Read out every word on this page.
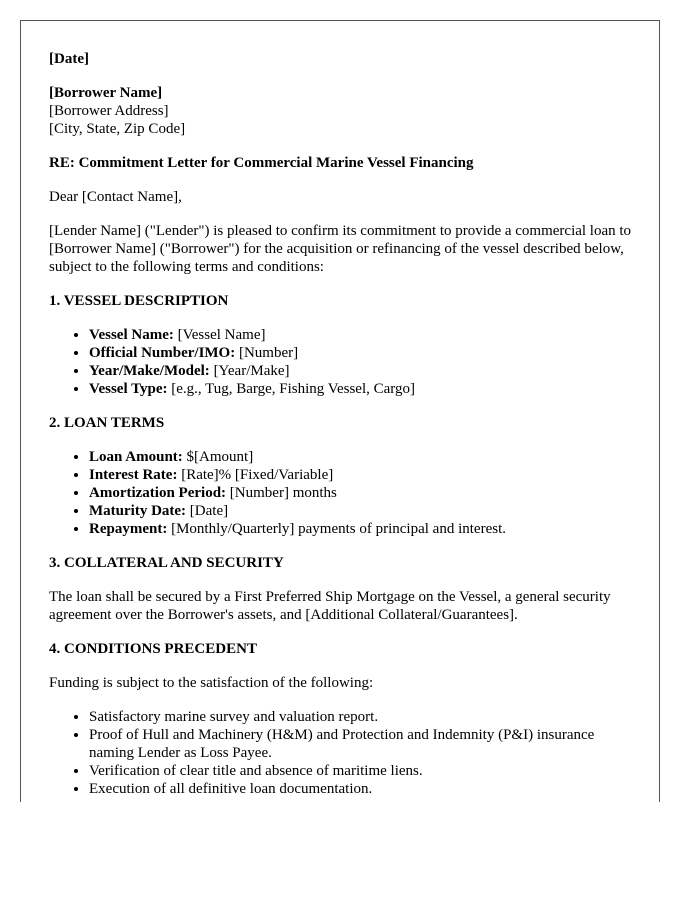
[Date]

[Borrower Name]

[Borrower Address]

[City, State, Zip Code]

RE: Commitment Letter for Commercial Marine Vessel Financing

Dear [Contact Name],

[Lender Name] ("Lender") is pleased to confirm its commitment to provide a commercial loan to [Borrower Name] ("Borrower") for the acquisition or refinancing of the vessel described below, subject to the following terms and conditions:

1. VESSEL DESCRIPTION
• Vessel Name: [Vessel Name]
• Official Number/IMO: [Number]
• Year/Make/Model: [Year/Make]
• Vessel Type: [e.g., Tug, Barge, Fishing Vessel, Cargo]
2. LOAN TERMS
• Loan Amount: $[Amount]
• Interest Rate: [Rate]% [Fixed/Variable]
• Amortization Period: [Number] months
• Maturity Date: [Date]
• Repayment: [Monthly/Quarterly] payments of principal and interest.
3. COLLATERAL AND SECURITY

The loan shall be secured by a First Preferred Ship Mortgage on the Vessel, a general security agreement over the Borrower's assets, and [Additional Collateral/Guarantees].

4. CONDITIONS PRECEDENT

Funding is subject to the satisfaction of the following:

• Satisfactory marine survey and valuation report.
• Proof of Hull and Machinery (H&M) and Protection and Indemnity (P&I) insurance naming Lender as Loss Payee.
• Verification of clear title and absence of maritime liens.
• Execution of all definitive loan documentation.
